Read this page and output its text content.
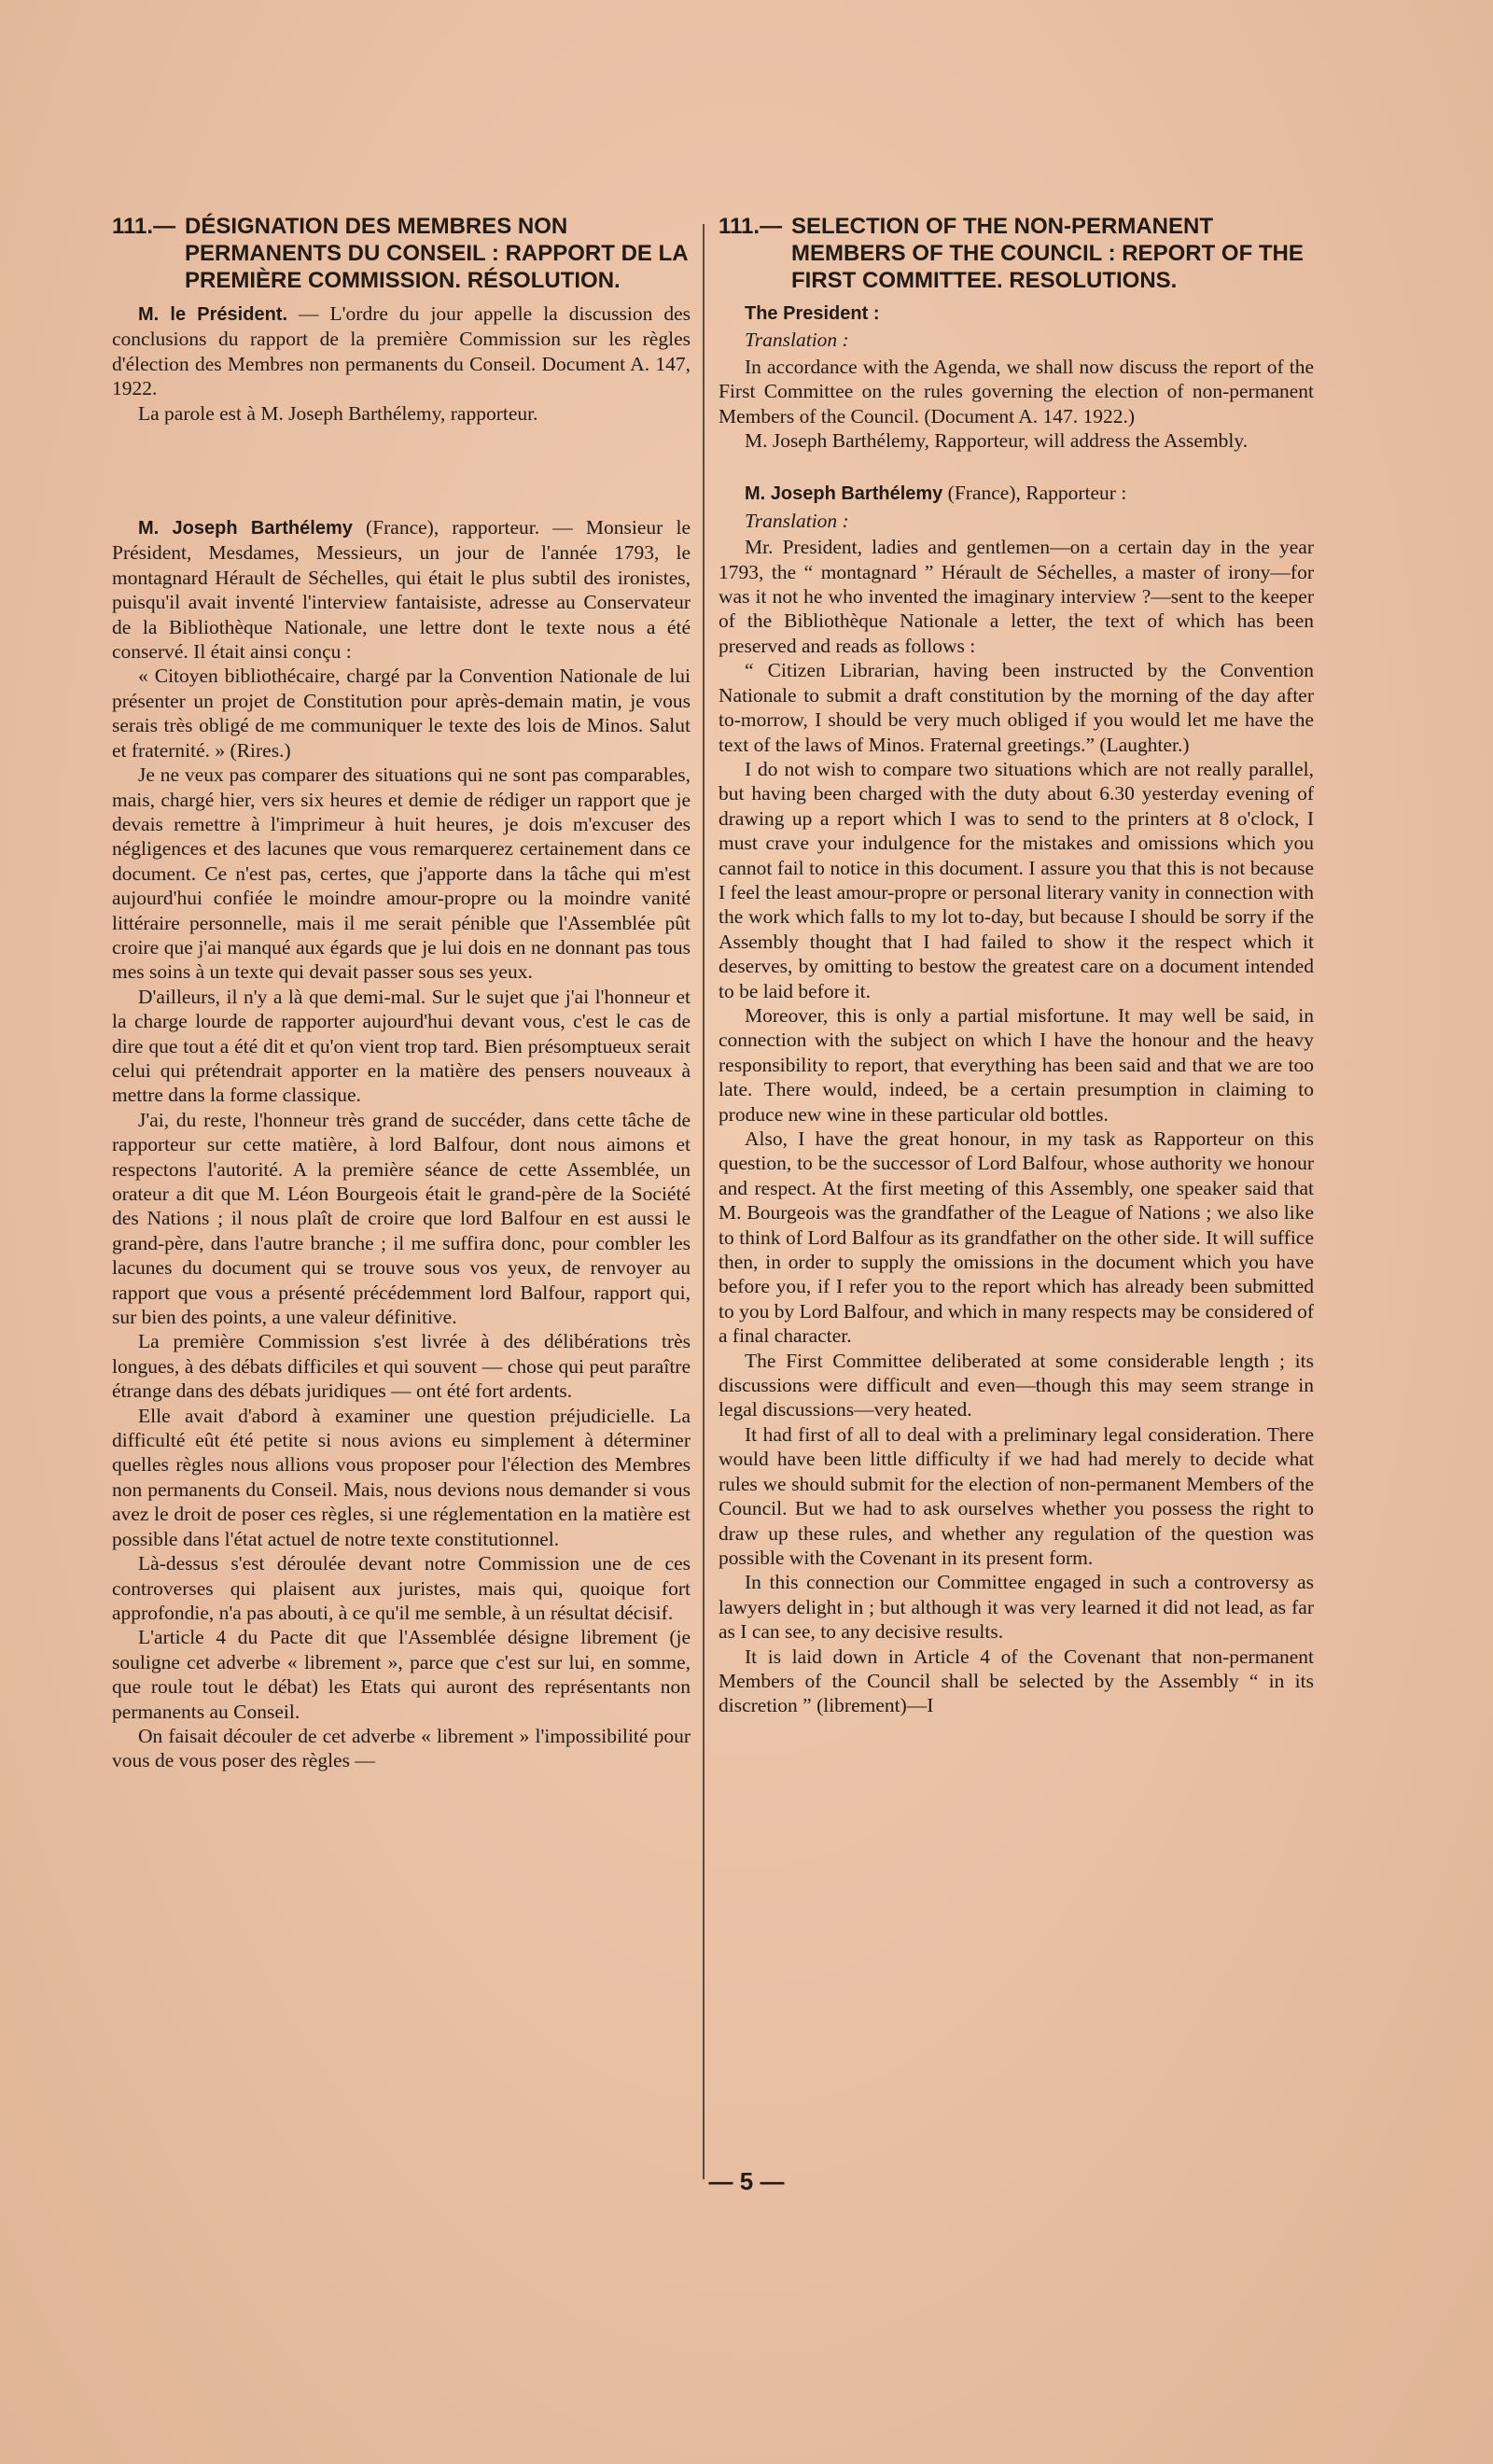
111.— DÉSIGNATION DES MEMBRES NON PERMANENTS DU CONSEIL : RAPPORT DE LA PREMIÈRE COMMISSION. RÉSOLUTION.

M. le Président. — L'ordre du jour appelle la discussion des conclusions du rapport de la première Commission sur les règles d'élection des Membres non permanents du Conseil. Document A. 147, 1922.

La parole est à M. Joseph Barthélemy, rapporteur.

M. Joseph Barthélemy (France), rapporteur. — Monsieur le Président, Mesdames, Messieurs, un jour de l'année 1793, le montagnard Hérault de Séchelles, qui était le plus subtil des ironistes, puisqu'il avait inventé l'interview fantaisiste, adresse au Conservateur de la Bibliothèque Nationale, une lettre dont le texte nous a été conservé. Il était ainsi conçu :

« Citoyen bibliothécaire, chargé par la Convention Nationale de lui présenter un projet de Constitution pour après-demain matin, je vous serais très obligé de me communiquer le texte des lois de Minos. Salut et fraternité. » (Rires.)

Je ne veux pas comparer des situations qui ne sont pas comparables, mais, chargé hier, vers six heures et demie de rédiger un rapport que je devais remettre à l'imprimeur à huit heures, je dois m'excuser des négligences et des lacunes que vous remarquerez certainement dans ce document. Ce n'est pas, certes, que j'apporte dans la tâche qui m'est aujourd'hui confiée le moindre amour-propre ou la moindre vanité littéraire personnelle, mais il me serait pénible que l'Assemblée pût croire que j'ai manqué aux égards que je lui dois en ne donnant pas tous mes soins à un texte qui devait passer sous ses yeux.

D'ailleurs, il n'y a là que demi-mal. Sur le sujet que j'ai l'honneur et la charge lourde de rapporter aujourd'hui devant vous, c'est le cas de dire que tout a été dit et qu'on vient trop tard. Bien présomptueux serait celui qui prétendrait apporter en la matière des pensers nouveaux à mettre dans la forme classique.

J'ai, du reste, l'honneur très grand de succéder, dans cette tâche de rapporteur sur cette matière, à lord Balfour, dont nous aimons et respectons l'autorité. A la première séance de cette Assemblée, un orateur a dit que M. Léon Bourgeois était le grand-père de la Société des Nations ; il nous plaît de croire que lord Balfour en est aussi le grand-père, dans l'autre branche ; il me suffira donc, pour combler les lacunes du document qui se trouve sous vos yeux, de renvoyer au rapport que vous a présenté précédemment lord Balfour, rapport qui, sur bien des points, a une valeur définitive.

La première Commission s'est livrée à des délibérations très longues, à des débats difficiles et qui souvent — chose qui peut paraître étrange dans des débats juridiques — ont été fort ardents.

Elle avait d'abord à examiner une question préjudicielle. La difficulté eût été petite si nous avions eu simplement à déterminer quelles règles nous allions vous proposer pour l'élection des Membres non permanents du Conseil. Mais, nous devions nous demander si vous avez le droit de poser ces règles, si une réglementation en la matière est possible dans l'état actuel de notre texte constitutionnel.

Là-dessus s'est déroulée devant notre Commission une de ces controverses qui plaisent aux juristes, mais qui, quoique fort approfondie, n'a pas abouti, à ce qu'il me semble, à un résultat décisif.

L'article 4 du Pacte dit que l'Assemblée désigne librement (je souligne cet adverbe « librement », parce que c'est sur lui, en somme, que roule tout le débat) les Etats qui auront des représentants non permanents au Conseil.

On faisait découler de cet adverbe « librement » l'impossibilité pour vous de vous poser des règles —

111.— SELECTION OF THE NON-PERMANENT MEMBERS OF THE COUNCIL : REPORT OF THE FIRST COMMITTEE. RESOLUTIONS.
The President :
Translation :

In accordance with the Agenda, we shall now discuss the report of the First Committee on the rules governing the election of non-permanent Members of the Council. (Document A. 147. 1922.)

M. Joseph Barthélemy, Rapporteur, will address the Assembly.

M. Joseph Barthélemy (France), Rapporteur :
Translation :

Mr. President, ladies and gentlemen—on a certain day in the year 1793, the “ montagnard ” Hérault de Séchelles, a master of irony—for was it not he who invented the imaginary interview ?—sent to the keeper of the Bibliothèque Nationale a letter, the text of which has been preserved and reads as follows :

“ Citizen Librarian, having been instructed by the Convention Nationale to submit a draft constitution by the morning of the day after to-morrow, I should be very much obliged if you would let me have the text of the laws of Minos. Fraternal greetings.” (Laughter.)

I do not wish to compare two situations which are not really parallel, but having been charged with the duty about 6.30 yesterday evening of drawing up a report which I was to send to the printers at 8 o'clock, I must crave your indulgence for the mistakes and omissions which you cannot fail to notice in this document. I assure you that this is not because I feel the least amour-propre or personal literary vanity in connection with the work which falls to my lot to-day, but because I should be sorry if the Assembly thought that I had failed to show it the respect which it deserves, by omitting to bestow the greatest care on a document intended to be laid before it.

Moreover, this is only a partial misfortune. It may well be said, in connection with the subject on which I have the honour and the heavy responsibility to report, that everything has been said and that we are too late. There would, indeed, be a certain presumption in claiming to produce new wine in these particular old bottles.

Also, I have the great honour, in my task as Rapporteur on this question, to be the successor of Lord Balfour, whose authority we honour and respect. At the first meeting of this Assembly, one speaker said that M. Bourgeois was the grandfather of the League of Nations ; we also like to think of Lord Balfour as its grandfather on the other side. It will suffice then, in order to supply the omissions in the document which you have before you, if I refer you to the report which has already been submitted to you by Lord Balfour, and which in many respects may be considered of a final character.

The First Committee deliberated at some considerable length ; its discussions were difficult and even—though this may seem strange in legal discussions—very heated.

It had first of all to deal with a preliminary legal consideration. There would have been little difficulty if we had had merely to decide what rules we should submit for the election of non-permanent Members of the Council. But we had to ask ourselves whether you possess the right to draw up these rules, and whether any regulation of the question was possible with the Covenant in its present form.

In this connection our Committee engaged in such a controversy as lawyers delight in ; but although it was very learned it did not lead, as far as I can see, to any decisive results.

It is laid down in Article 4 of the Covenant that non-permanent Members of the Council shall be selected by the Assembly “ in its discretion ” (librement)—I

— 5 —
